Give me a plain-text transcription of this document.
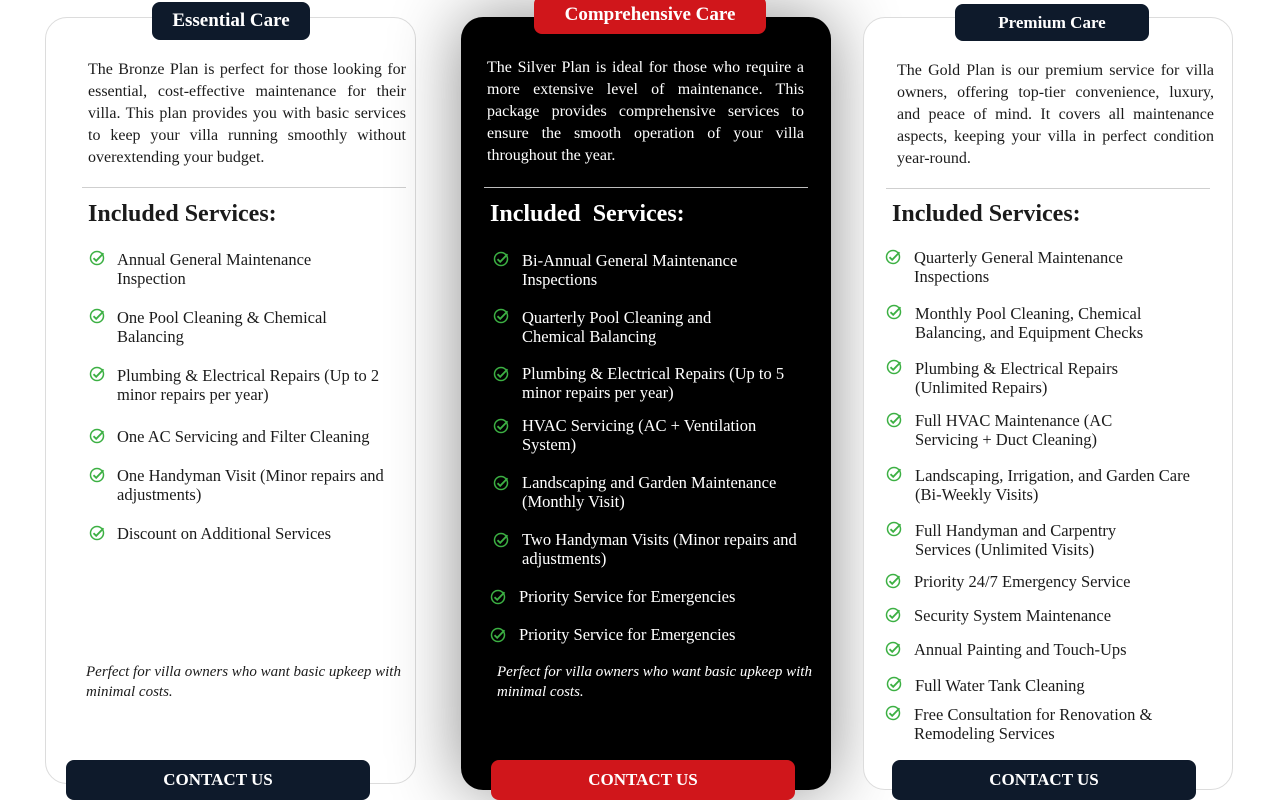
Essential Care
The Bronze Plan is perfect for those looking for essential, cost-effective maintenance for their villa. This plan provides you with basic services to keep your villa running smoothly without overextending your budget.
Included Services:
Annual General Maintenance Inspection
One Pool Cleaning & Chemical Balancing
Plumbing & Electrical Repairs (Up to 2 minor repairs per year)
One AC Servicing and Filter Cleaning
One Handyman Visit (Minor repairs and adjustments)
Discount on Additional Services
Perfect for villa owners who want basic upkeep with minimal costs.
CONTACT US
Comprehensive Care
The Silver Plan is ideal for those who require a more extensive level of maintenance. This package provides comprehensive services to ensure the smooth operation of your villa throughout the year.
Included  Services:
Bi-Annual General Maintenance Inspections
Quarterly Pool Cleaning and Chemical Balancing
Plumbing & Electrical Repairs (Up to 5 minor repairs per year)
HVAC Servicing (AC + Ventilation System)
Landscaping and Garden Maintenance (Monthly Visit)
Two Handyman Visits (Minor repairs and adjustments)
Priority Service for Emergencies
Priority Service for Emergencies
Perfect for villa owners who want basic upkeep with minimal costs.
CONTACT US
Premium Care
The Gold Plan is our premium service for villa owners, offering top-tier convenience, luxury, and peace of mind. It covers all maintenance aspects, keeping your villa in perfect condition year-round.
Included Services:
Quarterly General Maintenance Inspections
Monthly Pool Cleaning, Chemical Balancing, and Equipment Checks
Plumbing & Electrical Repairs (Unlimited Repairs)
Full HVAC Maintenance (AC Servicing + Duct Cleaning)
Landscaping, Irrigation, and Garden Care (Bi-Weekly Visits)
Full Handyman and Carpentry Services (Unlimited Visits)
Priority 24/7 Emergency Service
Security System Maintenance
Annual Painting and Touch-Ups
Full Water Tank Cleaning
Free Consultation for Renovation & Remodeling Services
CONTACT US
